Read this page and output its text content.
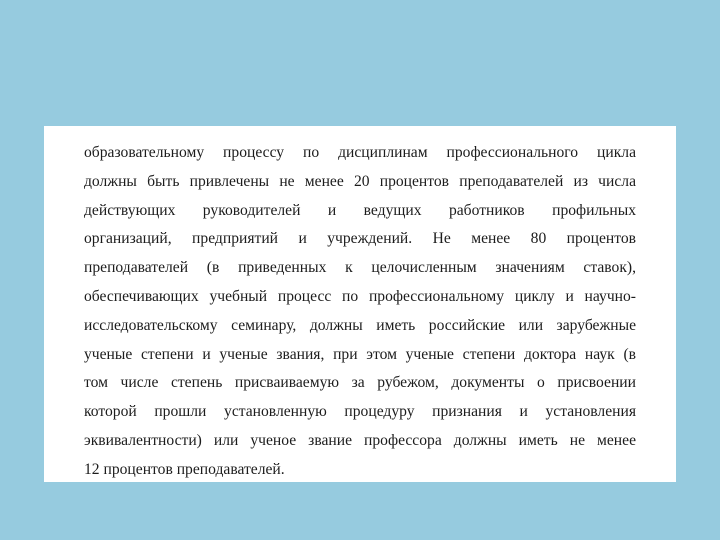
образовательному процессу по дисциплинам профессионального цикла
должны быть привлечены не менее 20 процентов преподавателей из числа
действующих руководителей и ведущих работников профильных
организаций, предприятий и учреждений. Не менее 80 процентов
преподавателей (в приведенных к целочисленным значениям ставок),
обеспечивающих учебный процесс по профессиональному циклу и научно-
исследовательскому семинару, должны иметь российские или зарубежные
ученые степени и ученые звания, при этом ученые степени доктора наук (в
том числе степень присваиваемую за рубежом, документы о присвоении
которой прошли установленную процедуру признания и установления
эквивалентности) или ученое звание профессора должны иметь не менее
12 процентов преподавателей.
